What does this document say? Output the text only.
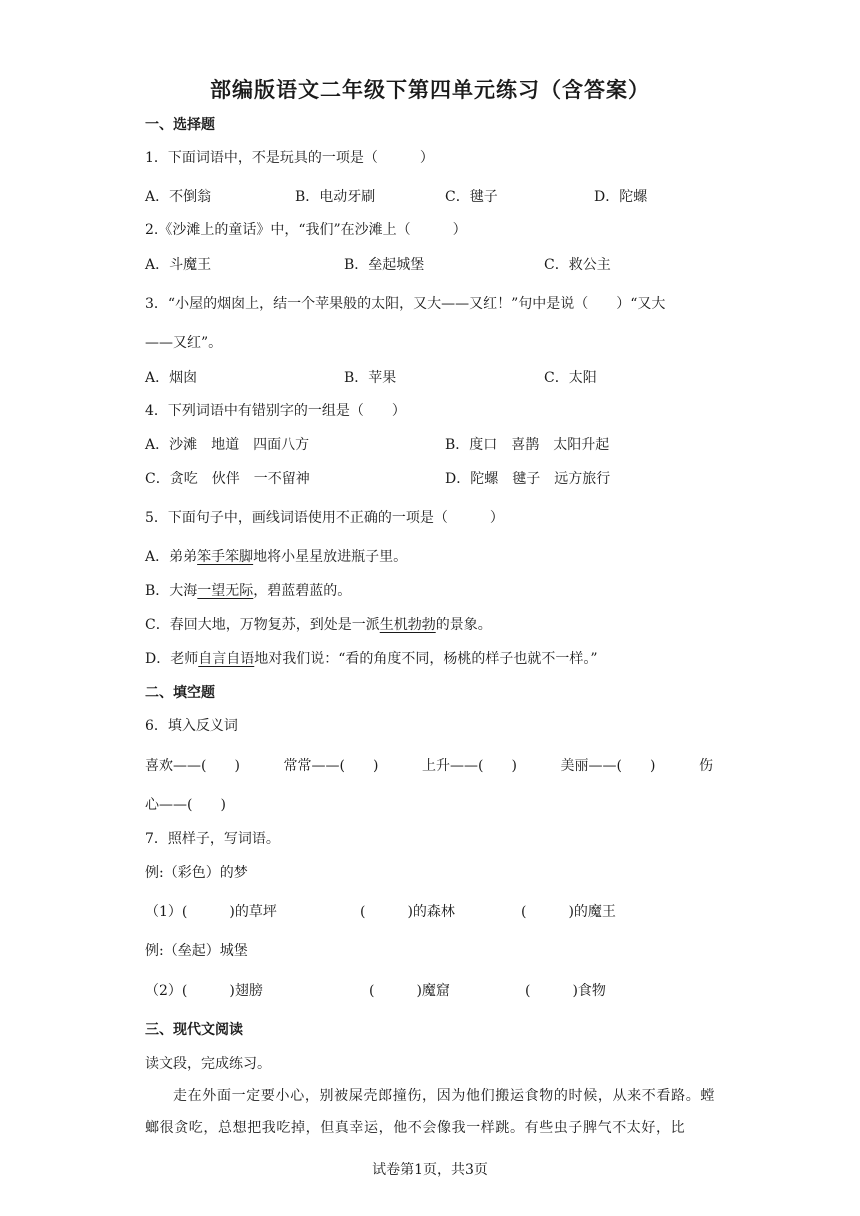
部编版语文二年级下第四单元练习（含答案）
一、选择题
1．下面词语中，不是玩具的一项是（　　　）
A．不倒翁	B．电动牙刷	C．毽子	D．陀螺
2.《沙滩上的童话》中，“我们”在沙滩上（　　　）
A．斗魔王	B．垒起城堡	C．救公主
3．“小屋的烟囱上，结一个苹果般的太阳，又大——又红！”句中是说（　　）“又大
——又红”。
A．烟囱	B．苹果	C．太阳
4．下列词语中有错别字的一组是（　　）
A．沙滩　地道　四面八方	B．度口　喜鹊　太阳升起
C．贪吃　伙伴　一不留神	D．陀螺　毽子　远方旅行
5．下面句子中，画线词语使用不正确的一项是（　　　）
A．弟弟笨手笨脚地将小星星放进瓶子里。
B．大海一望无际，碧蓝碧蓝的。
C．春回大地，万物复苏，到处是一派生机勃勃的景象。
D．老师自言自语地对我们说：“看的角度不同，杨桃的样子也就不一样。”
二、填空题
6．填入反义词
喜欢——(　　)	常常——(　　)	上升——(　　)	美丽——(　　)	伤
心——(　　)
7．照样子，写词语。
例:（彩色）的梦
（1）(　　　)的草坪	(　　　)的森林	(　　　)的魔王
例:（垒起）城堡
（2）(　　　)翅膀	(　　　)魔窟	(　　　)食物
三、现代文阅读
读文段，完成练习。
走在外面一定要小心，别被屎壳郎撞伤，因为他们搬运食物的时候，从来不看路。螳螂很贪吃，总想把我吃掉，但真幸运，他不会像我一样跳。有些虫子脾气不太好，比
试卷第1页，共3页
